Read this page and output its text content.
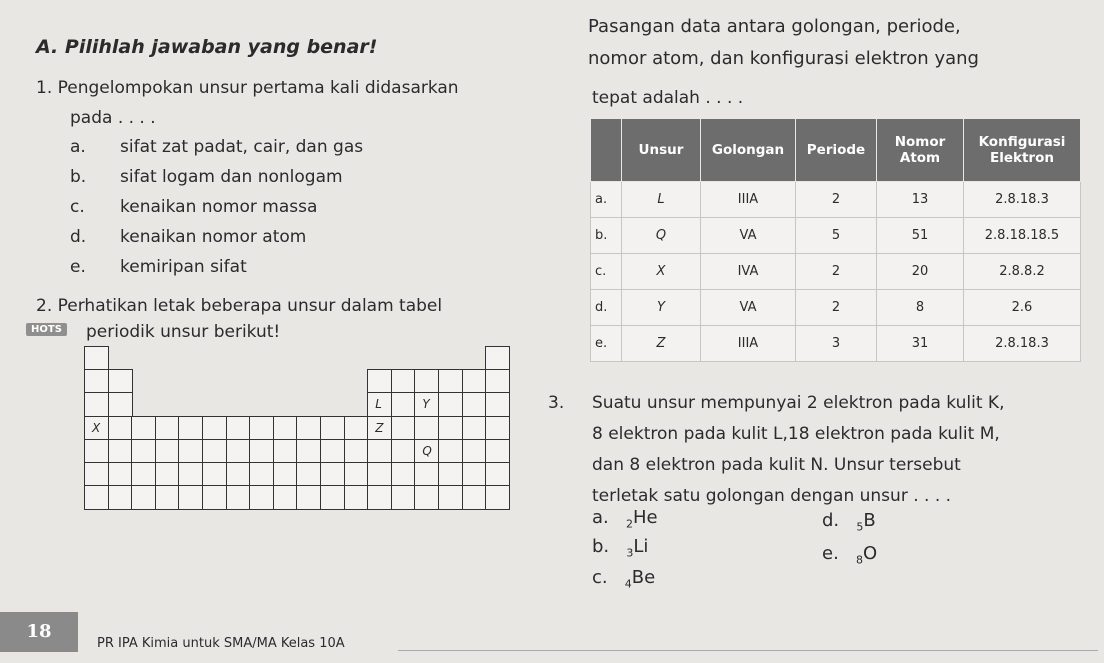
A. Pilihlah jawaban yang benar!
1. Pengelompokan unsur pertama kali didasarkan
pada . . . .
a. sifat zat padat, cair, dan gas
b. sifat logam dan nonlogam
c. kenaikan nomor massa
d. kenaikan nomor atom
e. kemiripan sifat
2. Perhatikan letak beberapa unsur dalam tabel
HOTS periodik unsur berikut!
L	Y
X	Z
Q
Pasangan data antara golongan, periode,
nomor atom, dan konfigurasi elektron yang
tepat adalah . . . .
	Unsur	Golongan	Periode	Nomor Atom	Konfigurasi Elektron
a.	L	IIIA	2	13	2.8.18.3
b.	Q	VA	5	51	2.8.18.18.5
c.	X	IVA	2	20	2.8.8.2
d.	Y	VA	2	8	2.6
e.	Z	IIIA	3	31	2.8.18.3
3. Suatu unsur mempunyai 2 elektron pada kulit K,
8 elektron pada kulit L,18 elektron pada kulit M,
dan 8 elektron pada kulit N. Unsur tersebut
terletak satu golongan dengan unsur . . . .
a. $_2$He
b. $_3$Li
c. $_4$Be
d. $_5$B
e. $_8$O
18
PR IPA Kimia untuk SMA/MA Kelas 10A
